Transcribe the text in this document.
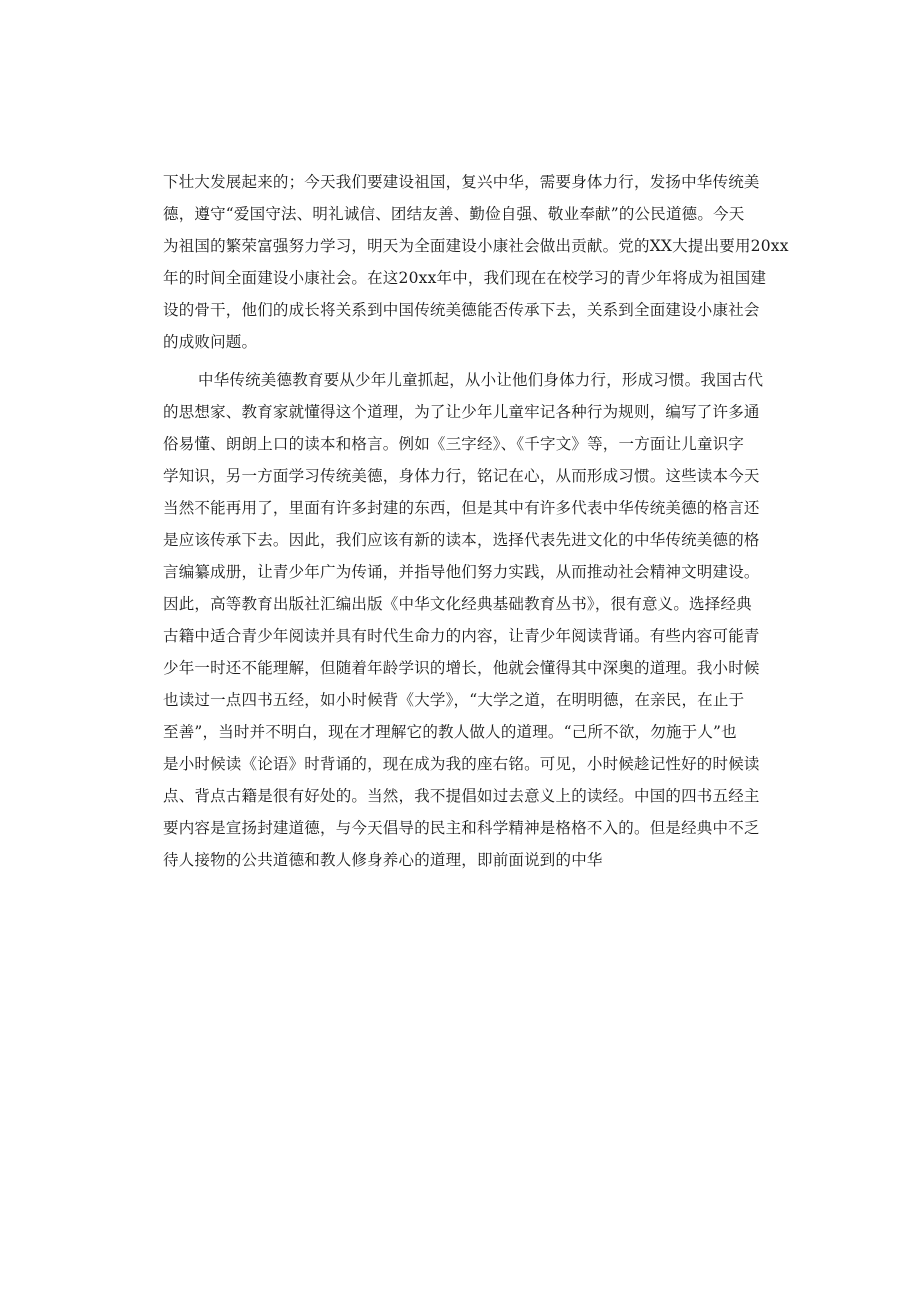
下壮大发展起来的；今天我们要建设祖国，复兴中华，需要身体力行，发扬中华传统美
德，遵守“爱国守法、明礼诚信、团结友善、勤俭自强、敬业奉献”的公民道德。今天
为祖国的繁荣富强努力学习，明天为全面建设小康社会做出贡献。党的XX大提出要用20xx
年的时间全面建设小康社会。在这20xx年中，我们现在在校学习的青少年将成为祖国建
设的骨干，他们的成长将关系到中国传统美德能否传承下去，关系到全面建设小康社会
的成败问题。
中华传统美德教育要从少年儿童抓起，从小让他们身体力行，形成习惯。我国古代
的思想家、教育家就懂得这个道理，为了让少年儿童牢记各种行为规则，编写了许多通
俗易懂、朗朗上口的读本和格言。例如《三字经》、《千字文》等，一方面让儿童识字
学知识，另一方面学习传统美德，身体力行，铭记在心，从而形成习惯。这些读本今天
当然不能再用了，里面有许多封建的东西，但是其中有许多代表中华传统美德的格言还
是应该传承下去。因此，我们应该有新的读本，选择代表先进文化的中华传统美德的格
言编纂成册，让青少年广为传诵，并指导他们努力实践，从而推动社会精神文明建设。
因此，高等教育出版社汇编出版《中华文化经典基础教育丛书》，很有意义。选择经典
古籍中适合青少年阅读并具有时代生命力的内容，让青少年阅读背诵。有些内容可能青
少年一时还不能理解，但随着年龄学识的增长，他就会懂得其中深奥的道理。我小时候
也读过一点四书五经，如小时候背《大学》，“大学之道，在明明德，在亲民，在止于
至善”，当时并不明白，现在才理解它的教人做人的道理。“己所不欲，勿施于人”也
是小时候读《论语》时背诵的，现在成为我的座右铭。可见，小时候趁记性好的时候读
点、背点古籍是很有好处的。当然，我不提倡如过去意义上的读经。中国的四书五经主
要内容是宣扬封建道德，与今天倡导的民主和科学精神是格格不入的。但是经典中不乏
待人接物的公共道德和教人修身养心的道理，即前面说到的中华
